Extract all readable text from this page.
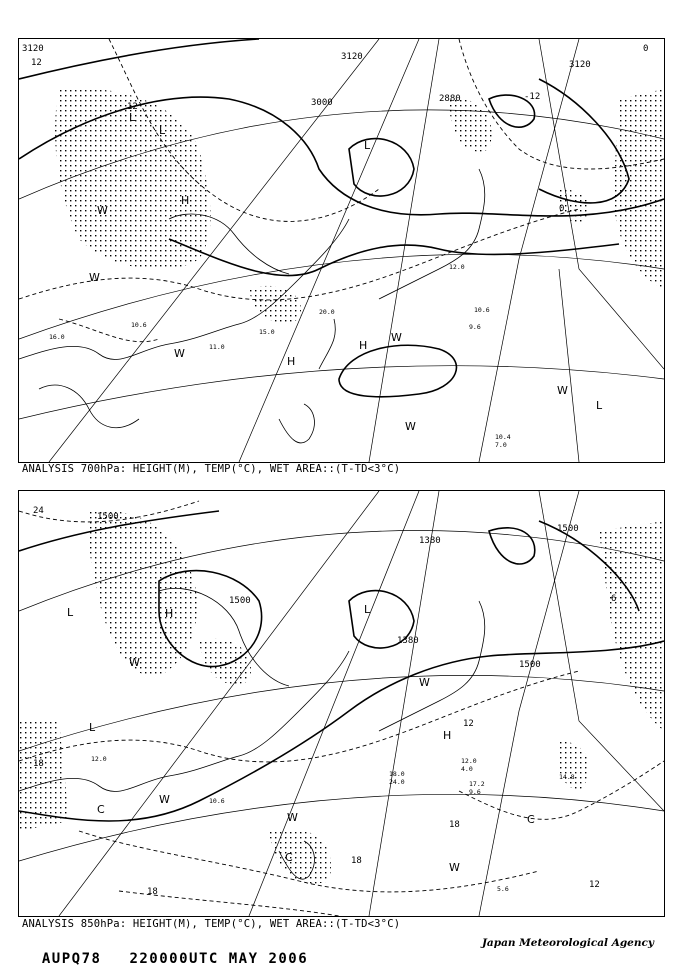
3120
12	3120
3000
3120
2880
0
0
12
-12
L
L
H
W
W
L
H
W
W
W
W
L
H
10.6
16.0
11.0
15.0
10.4
7.0
9.6
10.6
12.0
20.0
ANALYSIS 700hPa: HEIGHT(M), TEMP(°C), WET AREA::(T-TD<3°C)
1500
1500
1500
1380
1500
1380
24
18
12
6
18
18
18
12
L
L
H
W
C
W
L
C
W
W
H
C
W
12.0
4.0
17.2
9.6
18.0
24.0
10.6
12.0
14.8
5.6
ANALYSIS 850hPa: HEIGHT(M), TEMP(°C), WET AREA::(T-TD<3°C)

AUPQ78 220000UTC MAY 2006

Japan Meteorological Agency
